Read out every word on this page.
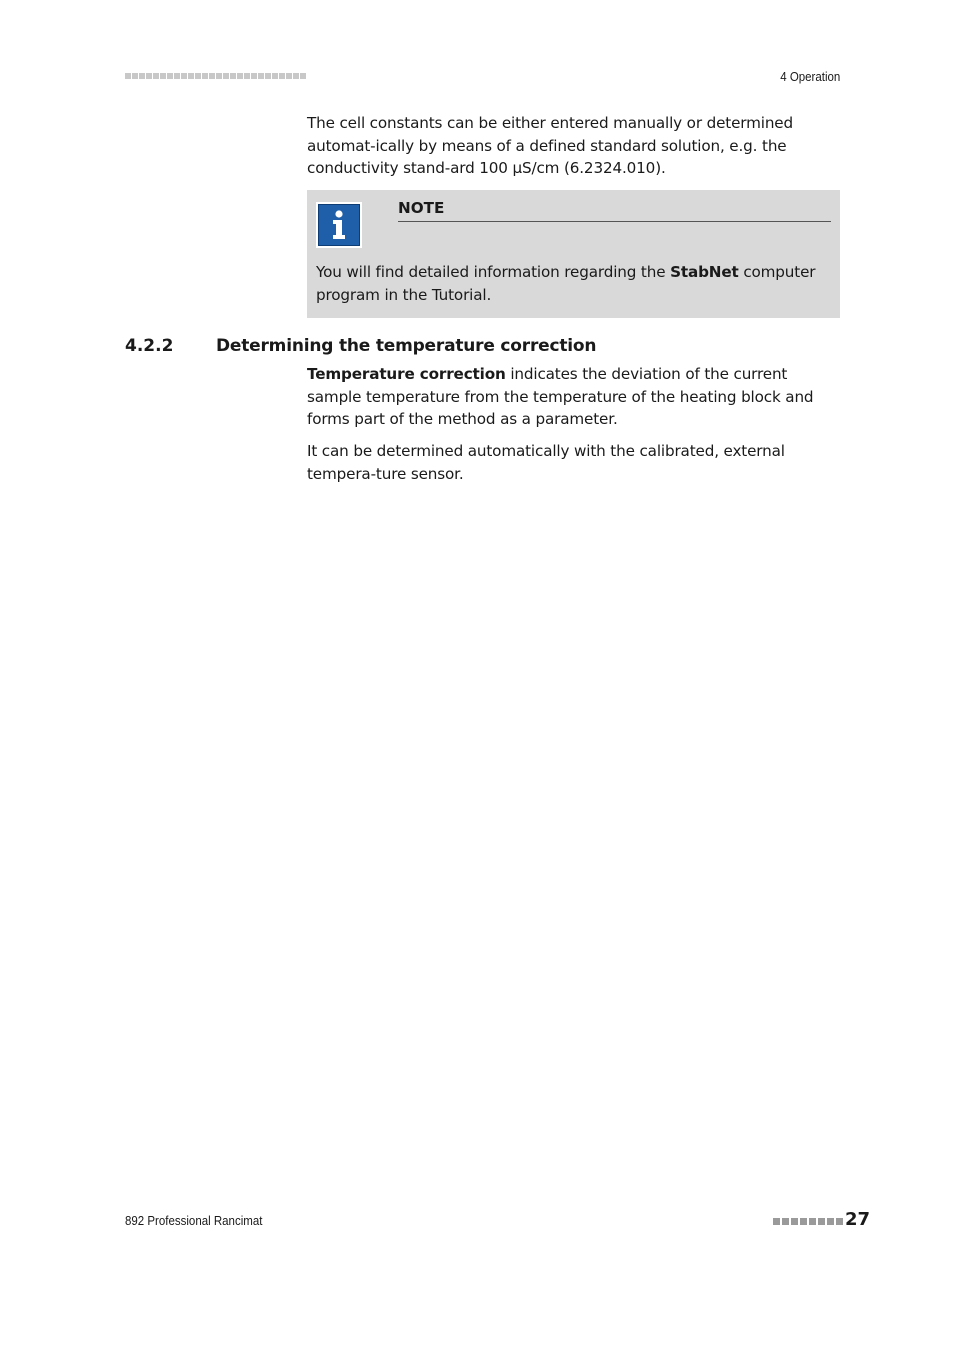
4 Operation
The cell constants can be either entered manually or determined automat-ically by means of a defined standard solution, e.g. the conductivity stand-ard 100 µS/cm (6.2324.010).
NOTE
You will find detailed information regarding the StabNet computer program in the Tutorial.
4.2.2	Determining the temperature correction
Temperature correction indicates the deviation of the current sample temperature from the temperature of the heating block and forms part of the method as a parameter.
It can be determined automatically with the calibrated, external tempera-ture sensor.
892 Professional Rancimat	27
